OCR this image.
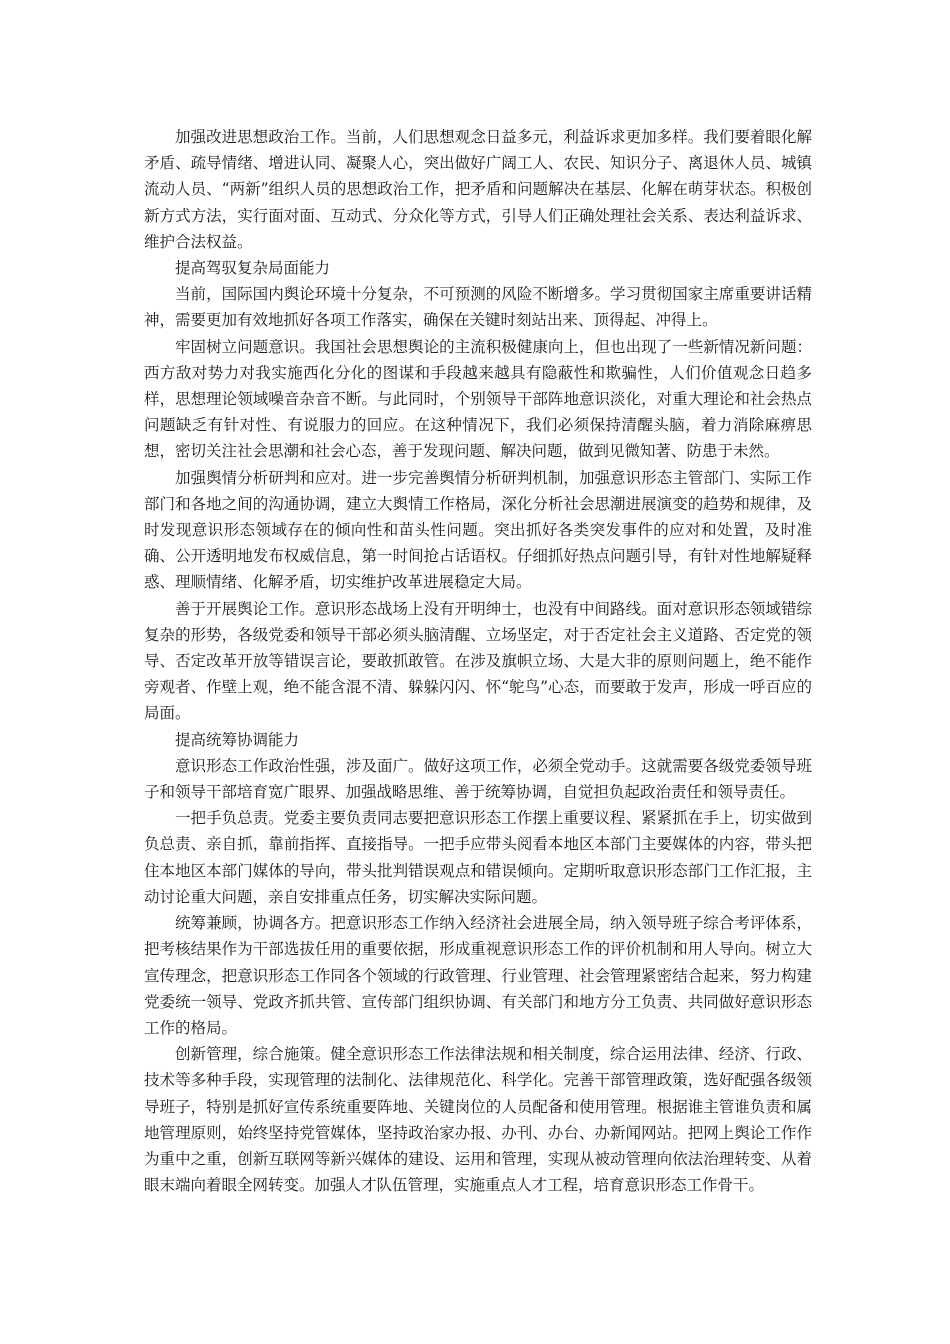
加强改进思想政治工作。当前，人们思想观念日益多元，利益诉求更加多样。我们要着眼化解矛盾、疏导情绪、增进认同、凝聚人心，突出做好广阔工人、农民、知识分子、离退休人员、城镇流动人员、“两新”组织人员的思想政治工作，把矛盾和问题解决在基层、化解在萌芽状态。积极创新方式方法，实行面对面、互动式、分众化等方式，引导人们正确处理社会关系、表达利益诉求、维护合法权益。

提高驾驭复杂局面能力

当前，国际国内舆论环境十分复杂，不可预测的风险不断增多。学习贯彻国家主席重要讲话精神，需要更加有效地抓好各项工作落实，确保在关键时刻站出来、顶得起、冲得上。

牢固树立问题意识。我国社会思想舆论的主流积极健康向上，但也出现了一些新情况新问题：西方敌对势力对我实施西化分化的图谋和手段越来越具有隐蔽性和欺骗性，人们价值观念日趋多样，思想理论领域噪音杂音不断。与此同时，个别领导干部阵地意识淡化，对重大理论和社会热点问题缺乏有针对性、有说服力的回应。在这种情况下，我们必须保持清醒头脑，着力消除麻痹思想，密切关注社会思潮和社会心态，善于发现问题、解决问题，做到见微知著、防患于未然。

加强舆情分析研判和应对。进一步完善舆情分析研判机制，加强意识形态主管部门、实际工作部门和各地之间的沟通协调，建立大舆情工作格局，深化分析社会思潮进展演变的趋势和规律，及时发现意识形态领域存在的倾向性和苗头性问题。突出抓好各类突发事件的应对和处置，及时准确、公开透明地发布权威信息，第一时间抢占话语权。仔细抓好热点问题引导，有针对性地解疑释惑、理顺情绪、化解矛盾，切实维护改革进展稳定大局。

善于开展舆论工作。意识形态战场上没有开明绅士，也没有中间路线。面对意识形态领域错综复杂的形势，各级党委和领导干部必须头脑清醒、立场坚定，对于否定社会主义道路、否定党的领导、否定改革开放等错误言论，要敢抓敢管。在涉及旗帜立场、大是大非的原则问题上，绝不能作旁观者、作壁上观，绝不能含混不清、躲躲闪闪、怀“鸵鸟”心态，而要敢于发声，形成一呼百应的局面。

提高统筹协调能力

意识形态工作政治性强，涉及面广。做好这项工作，必须全党动手。这就需要各级党委领导班子和领导干部培育宽广眼界、加强战略思维、善于统筹协调，自觉担负起政治责任和领导责任。

一把手负总责。党委主要负责同志要把意识形态工作摆上重要议程、紧紧抓在手上，切实做到负总责、亲自抓，靠前指挥、直接指导。一把手应带头阅看本地区本部门主要媒体的内容，带头把住本地区本部门媒体的导向，带头批判错误观点和错误倾向。定期听取意识形态部门工作汇报，主动讨论重大问题，亲自安排重点任务，切实解决实际问题。

统筹兼顾，协调各方。把意识形态工作纳入经济社会进展全局，纳入领导班子综合考评体系，把考核结果作为干部选拔任用的重要依据，形成重视意识形态工作的评价机制和用人导向。树立大宣传理念，把意识形态工作同各个领域的行政管理、行业管理、社会管理紧密结合起来，努力构建党委统一领导、党政齐抓共管、宣传部门组织协调、有关部门和地方分工负责、共同做好意识形态工作的格局。

创新管理，综合施策。健全意识形态工作法律法规和相关制度，综合运用法律、经济、行政、技术等多种手段，实现管理的法制化、法律规范化、科学化。完善干部管理政策，选好配强各级领导班子，特别是抓好宣传系统重要阵地、关键岗位的人员配备和使用管理。根据谁主管谁负责和属地管理原则，始终坚持党管媒体，坚持政治家办报、办刊、办台、办新闻网站。把网上舆论工作作为重中之重，创新互联网等新兴媒体的建设、运用和管理，实现从被动管理向依法治理转变、从着眼末端向着眼全网转变。加强人才队伍管理，实施重点人才工程，培育意识形态工作骨干。
